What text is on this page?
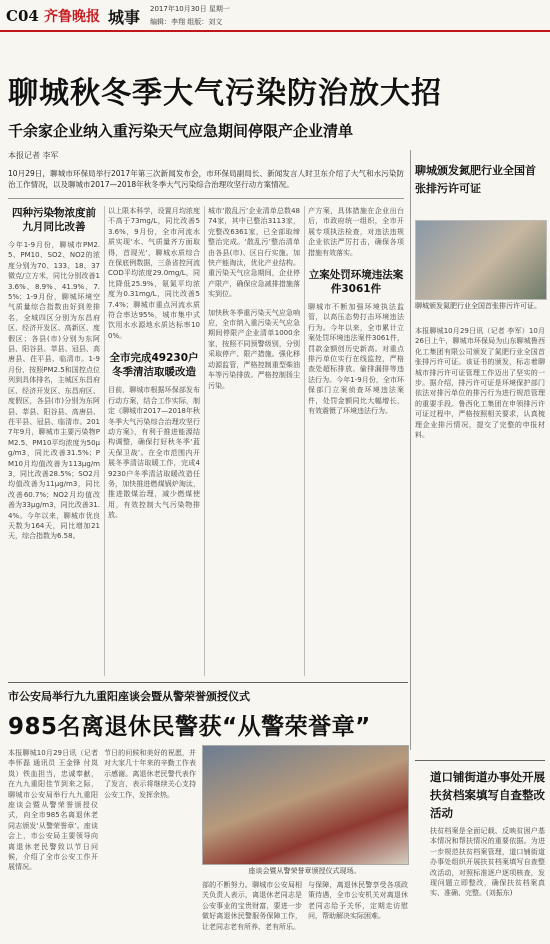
C04 齐鲁晚报 城事 2017年10月30日 星期一
编辑：李翔 组版：刘文
聊城秋冬季大气污染防治放大招
千余家企业纳入重污染天气应急期间停限产企业清单
本报记者 李军
10月29日，聊城市环保局举行2017年第三次新闻发布会，市环保局副局长、新闻发言人时卫东介绍了大气和水污染防治工作情况，以及聊城市2017—2018年秋冬季大气污染综合治理攻坚行动方案情况。
四种污染物浓度前九月同比改善
今年1-9月份，聊城市PM2.5、PM10、SO2、NO2的浓度分别为70、133、18、37微克/立方米，同比分别改善13.6%、8.9%、41.9%、7.5%；1-9月份，聊城环境空气质量综合指数由好到差排名，全城四区分别为东昌府区、经济开发区、高新区、度假区；各县(市)分别为东阿县、阳谷县、莘县、冠县、高唐县、茌平县、临清市。1-9月份，按照PM2.5和国控点位列到具体排名，主城区东昌府区、经济开发区、东昌府区、度假区，各县(市)分别为东阿县、莘县、阳谷县、高唐县、茌平县、冠县、临清市。2017年9月，聊城市主要污染物PM2.5、PM10平均浓度为50μg/m3，同比改善31.5%；PM10月均值改善为113μg/m3，同比改善28.5%；SO2月均值改善为11μg/m3，同比改善60.7%；NO2月均值改善为33μg/m3，同比改善31.4%。今年以来，聊城市优良天数为164天，同比增加21天，综合指数为6.58。
以上限本科学，设置月均浓度不高于73mg/L，同比改善53.6%，9月份，全市河流水质实现‘水、气质量齐方面取得，首现光'，聊城水质综合在保底例数据，三条省控河流COD平均浓度29.0mg/L，同比降低25.9%，氨氮平均浓度为0.31mg/L，同比改善57.4%；聊城市重点河流水质符合率达95%，城市集中式饮用水水源地水质达标率100%。
全市完成49230户冬季清洁取暖改造
目前，聊城市根据环保部发布行动方案，结合工作实际，制定《聊城市2017—2018年秋冬季大气污染综合治理攻坚行动方案》，有利于推进能源结构调整，确保打好秋冬季‘蓝天保卫战’。在全市范围内开展冬季清洁取暖工作，完成49230户冬季清洁取暖改造任务，加快推进燃煤锅炉淘汰，推进散煤治理，减少燃煤使用，有效控制大气污染物排放。
城市‘散乱污’企业清单总数4874家，其中已整治3113家，完整改6361家，已全部取缔整治完成。‘散乱污’整治清单由各县(市)、区自行实施。加快产能淘汰，优化产业结构。重污染天气应急期间，企业停产限产，确保应急减排措施落实到位。
加快秋冬季重污染天气应急响应，全市纳入重污染天气应急期间停限产企业清单1000余家，按照不同预警级别，分别采取停产、限产措施。强化移动源监管，严格控制重型柴油车等污染排放。严格控制扬尘污染。
产方案，具体措施在企业出台后，市政府统一组织，全市开展专项执法检查，对违法违规企业依法严厉打击，确保各项措施有效落实。
立案处罚环境违法案件3061件
聊城市不断加强环境执法监管，以高压态势打击环境违法行为。今年以来，全市累计立案处罚环境违法案件3061件，罚款金额创历史新高。对重点排污单位实行在线监控，严格查处超标排放、偷排漏排等违法行为。今年1-9月份，全市环保部门立案侦查环境违法案件，处罚金额同比大幅增长，有效震慑了环境违法行为。
聊城颁发氮肥行业全国首张排污许可证
聊城颁发氮肥行业全国首张排污许可证。
本报聊城10月29日讯（记者 李军）10月26日上午，聊城市环保局为山东聊城鲁西化工集团有限公司颁发了氮肥行业全国首张排污许可证。该证书的颁发，标志着聊城市排污许可证管理工作迈出了坚实的一步。据介绍，排污许可证是环境保护部门依法对排污单位的排污行为进行规范管理的重要手段。鲁西化工集团在申领排污许可证过程中，严格按照相关要求，认真梳理企业排污情况，提交了完整的申报材料。
市公安局举行九九重阳座谈会暨从警荣誉颁授仪式
985名离退休民警获“从警荣誉章”
本报聊城10月29日讯（记者 李怀磊 通讯员 王金锋 付岚岚）铁血担当，忠诚奉献，在九九重阳佳节到来之际，聊城市公安局举行九九重阳座谈会暨从警荣誉颁授仪式，向全市985名离退休老同志颁发‘从警荣誉章’。座谈会上，市公安局主要领导向离退休老民警致以节日问候，介绍了全市公安工作开展情况。
节日的问候和美好的祝愿，并对大家几十年来的辛勤工作表示感谢。离退休老民警代表作了发言，表示将继续关心支持公安工作，发挥余热。
座谈会暨从警荣誉章颁授仪式现场。
部的不断努力。聊城市公安局相关负责人表示，离退休老同志是公安事业的宝贵财富，要进一步做好离退休民警服务保障工作，让老同志老有所养、老有所乐。
与保障，离退休民警享受各项政策待遇，全市公安机关对离退休老同志给予关怀，定期走访慰问，帮助解决实际困难。
道口铺街道办事处开展扶贫档案填写自查整改活动
扶贫档案是全面记载、反映贫困户基本情况和帮扶情况的重要依据。为进一步规范扶贫档案管理，道口铺街道办事处组织开展扶贫档案填写自查整改活动，对照标准逐户逐项核查，发现问题立即整改，确保扶贫档案真实、准确、完整。(刘振东)
